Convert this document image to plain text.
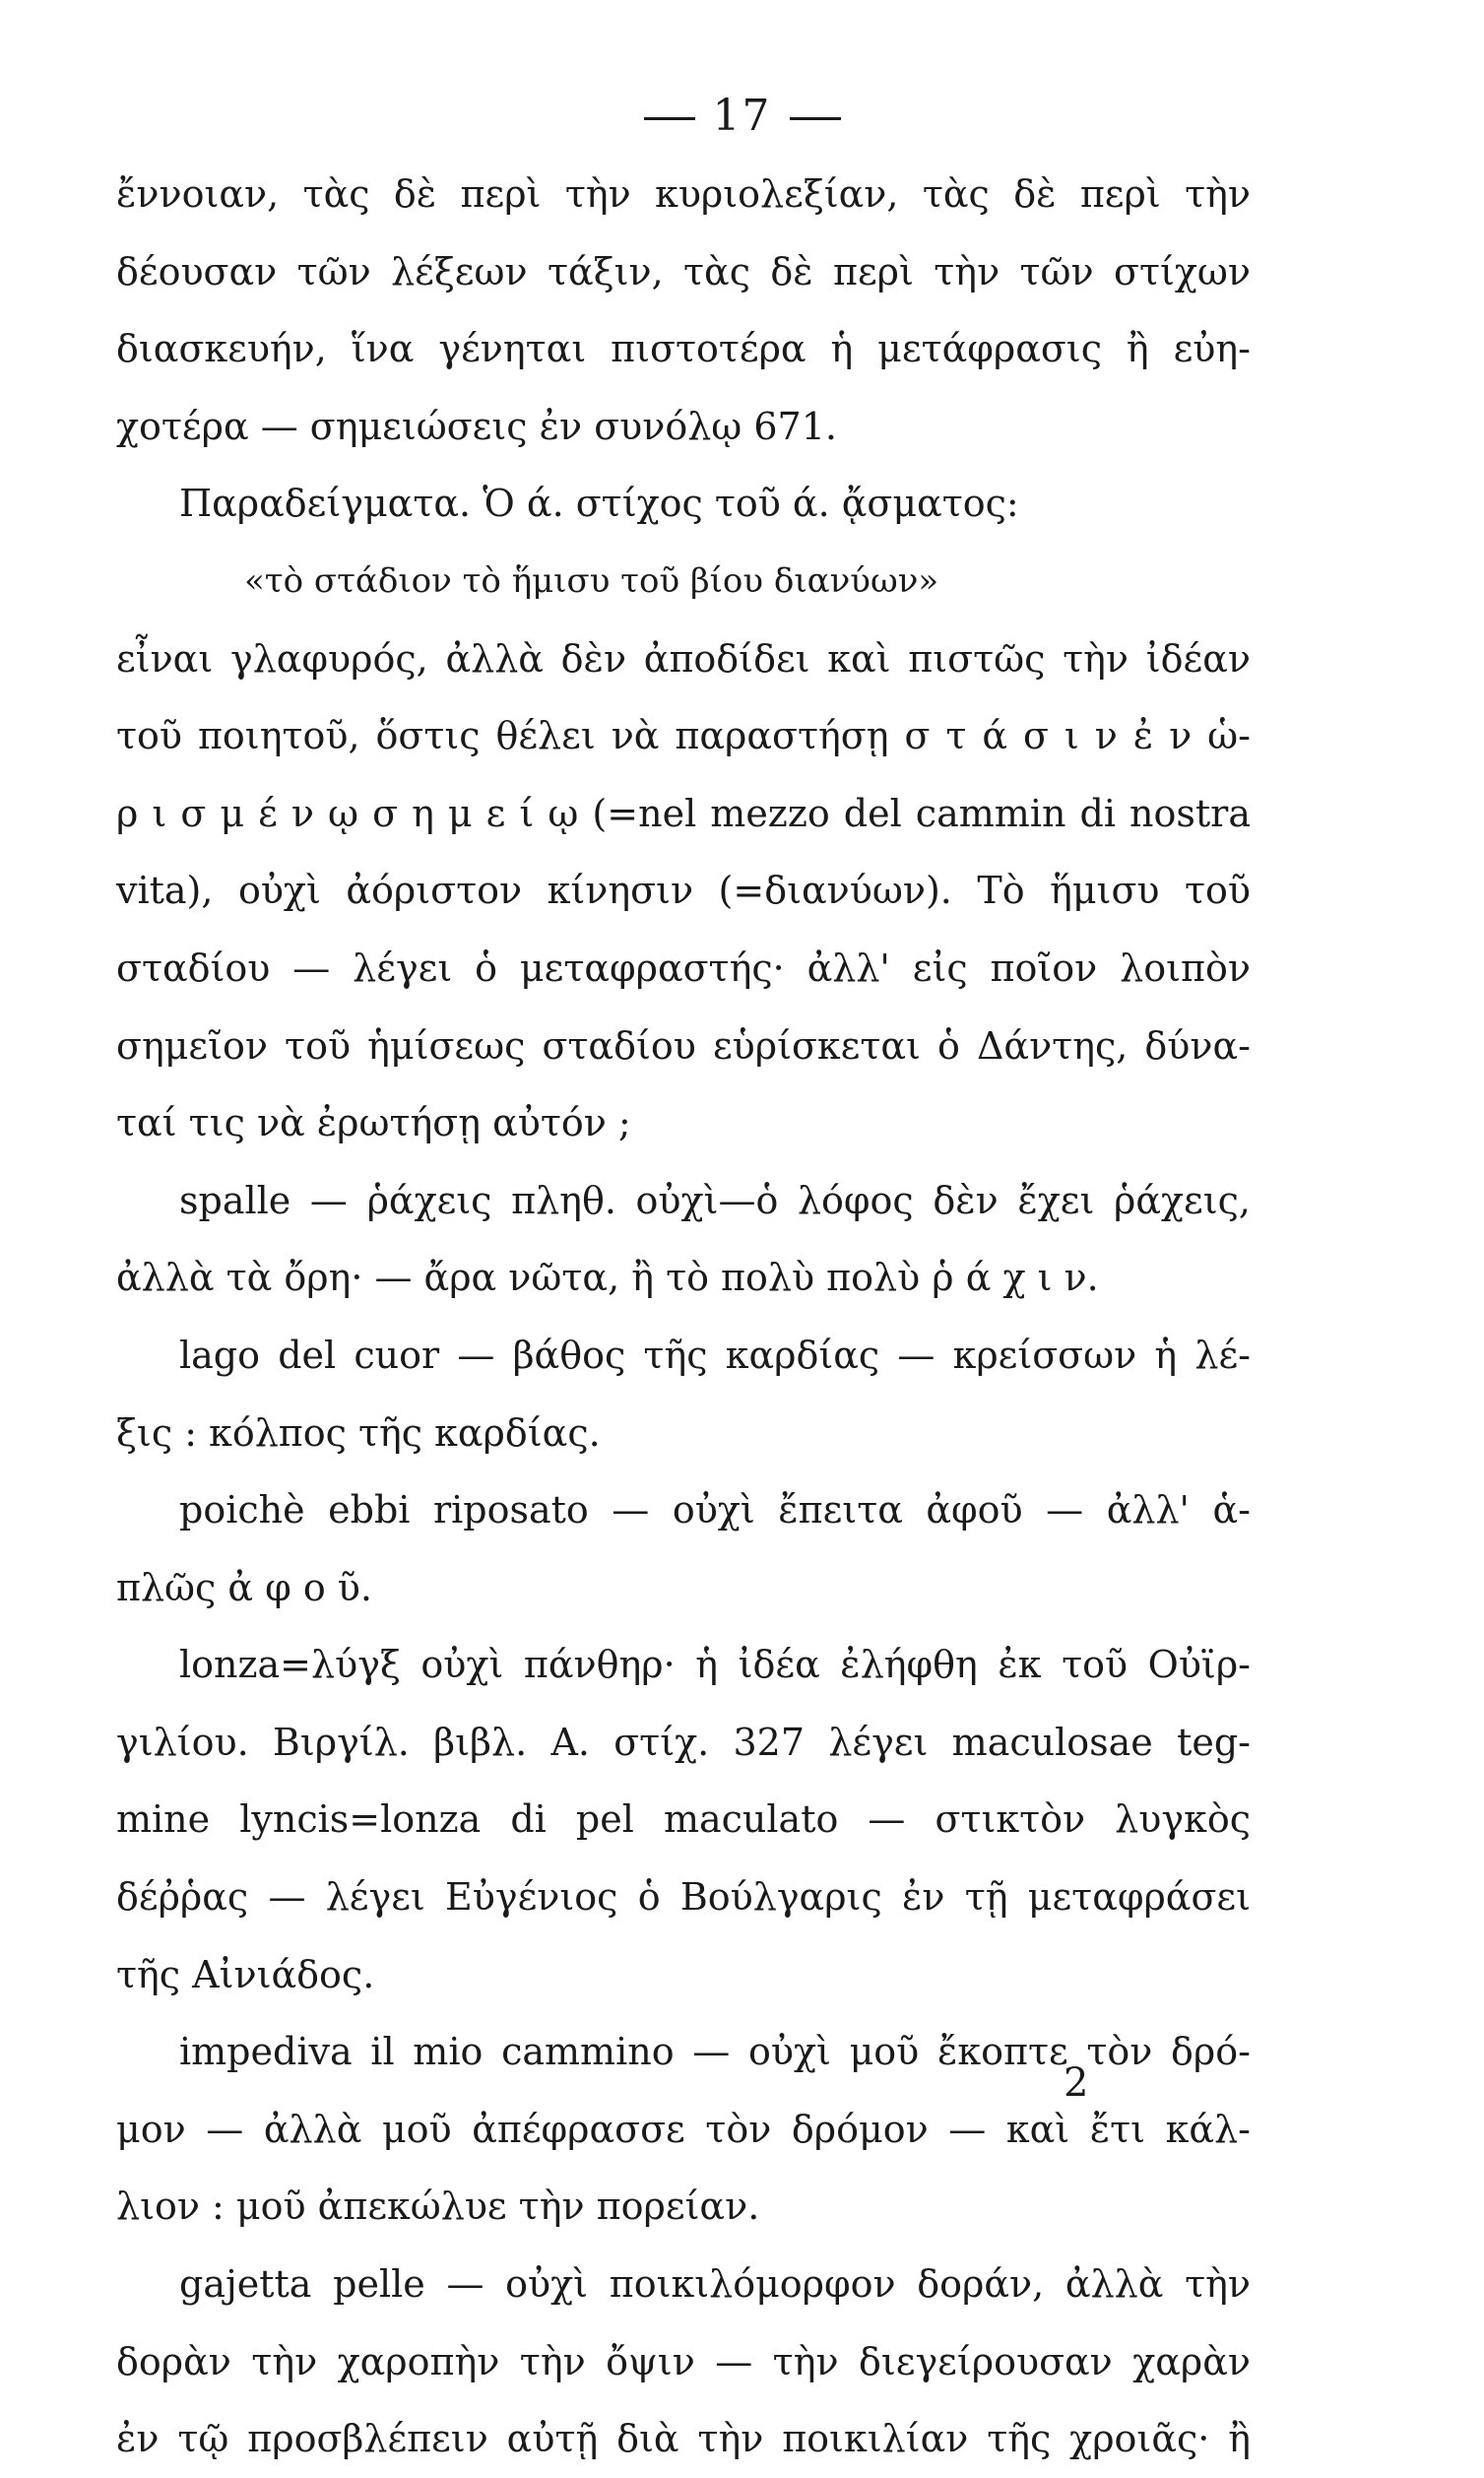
17
ἔννοιαν, τὰς δὲ περὶ τὴν κυριολεξίαν, τὰς δὲ περὶ τὴν
δέουσαν τῶν λέξεων τάξιν, τὰς δὲ περὶ τὴν τῶν στίχων
διασκευήν, ἵνα γένηται πιστοτέρα ἡ μετάφρασις ἢ εὐη-
χοτέρα — σημειώσεις ἐν συνόλῳ 671.
Παραδείγματα. Ὁ ά. στίχος τοῦ ά. ᾄσματος:
«τὸ στάδιον τὸ ἥμισυ τοῦ βίου διανύων»
εἶναι γλαφυρός, ἀλλὰ δὲν ἀποδίδει καὶ πιστῶς τὴν ἰδέαν
τοῦ ποιητοῦ, ὅστις θέλει νὰ παραστήσῃ σ τ ά σ ι ν ἐ ν ὡ-
ρ ι σ μ έ ν ῳ σ η μ ε ί ῳ (=nel mezzo del cammin di nostra
vita), οὐχὶ ἀόριστον κίνησιν (=διανύων). Τὸ ἥμισυ τοῦ
σταδίου — λέγει ὁ μεταφραστής· ἀλλ' εἰς ποῖον λοιπὸν
σημεῖον τοῦ ἡμίσεως σταδίου εὑρίσκεται ὁ Δάντης, δύνα-
ταί τις νὰ ἐρωτήσῃ αὐτόν ;
spalle — ῥάχεις πληθ. οὐχὶ—ὁ λόφος δὲν ἔχει ῥάχεις,
ἀλλὰ τὰ ὄρη· — ἄρα νῶτα, ἢ τὸ πολὺ πολὺ ῥ ά χ ι ν.
lago del cuor — βάθος τῆς καρδίας — κρείσσων ἡ λέ-
ξις : κόλπος τῆς καρδίας.
poichè ebbi riposato — οὐχὶ ἔπειτα ἀφοῦ — ἀλλ' ἁ-
πλῶς ἀ φ ο ῦ.
lonza=λύγξ οὐχὶ πάνθηρ· ἡ ἰδέα ἐλήφθη ἐκ τοῦ Οὐϊρ-
γιλίου. Βιργίλ. βιβλ. Α. στίχ. 327 λέγει maculosae teg-
mine lyncis=lonza di pel maculato — στικτὸν λυγκὸς
δέῤῥας — λέγει Εὐγένιος ὁ Βούλγαρις ἐν τῇ μεταφράσει
τῆς Αἰνιάδος.
impediva il mio cammino — οὐχὶ μοῦ ἔκοπτε τὸν δρό-
μον — ἀλλὰ μοῦ ἀπέφρασσε τὸν δρόμον — καὶ ἔτι κάλ-
λιον : μοῦ ἀπεκώλυε τὴν πορείαν.
gajetta pelle — οὐχὶ ποικιλόμορφον δοράν, ἀλλὰ τὴν
δορὰν τὴν χαροπὴν τὴν ὄψιν — τὴν διεγείρουσαν χαρὰν
ἐν τῷ προσβλέπειν αὐτῇ διὰ τὴν ποικιλίαν τῆς χροιᾶς· ἢ
2
